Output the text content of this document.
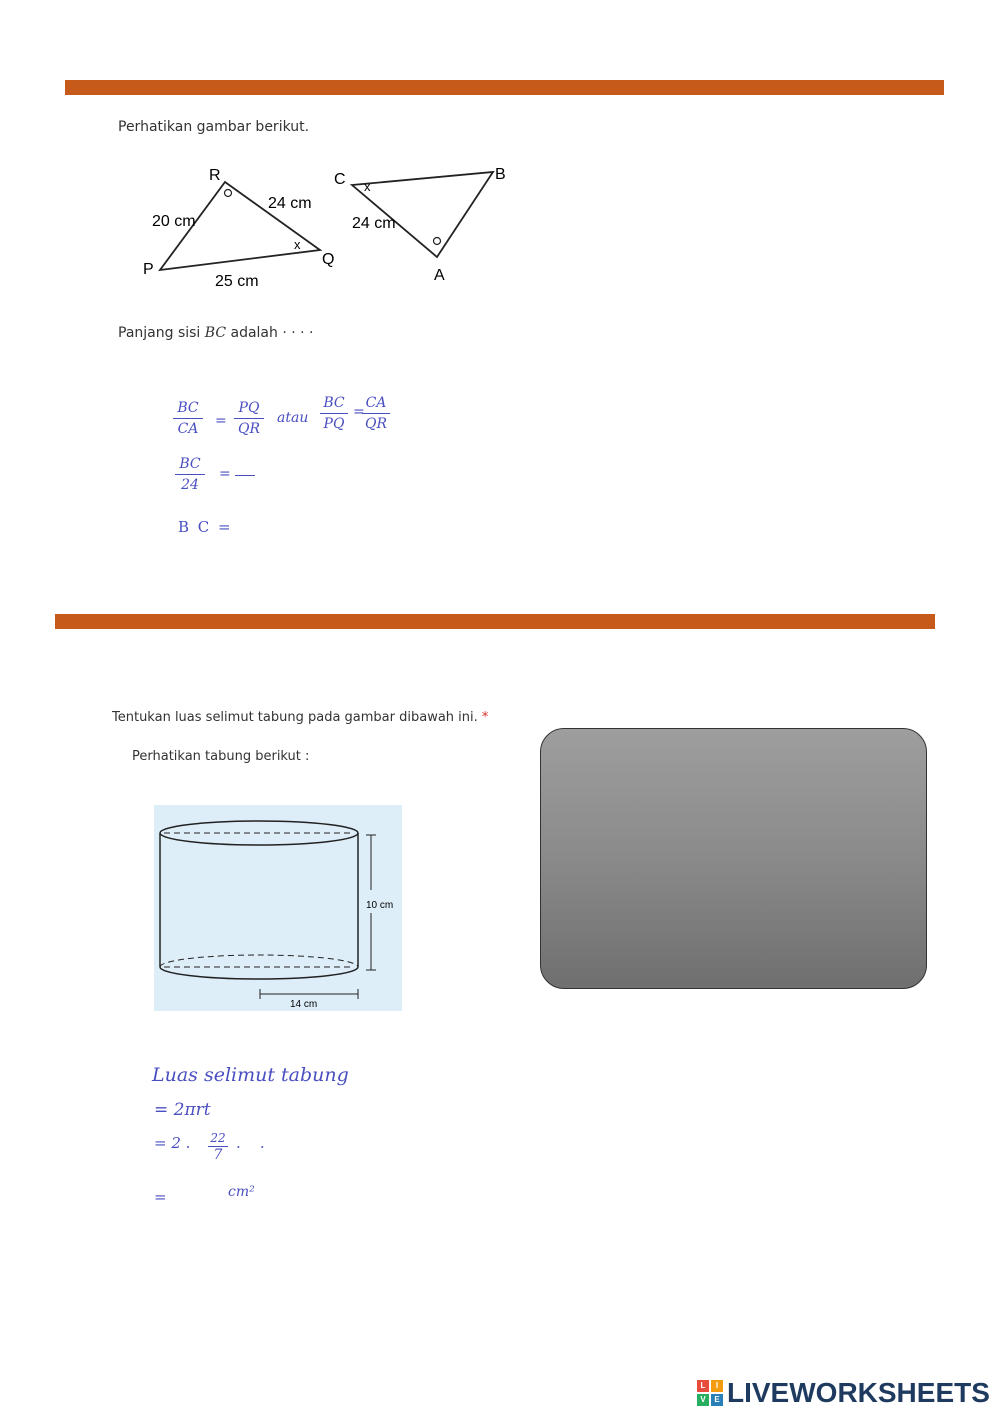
Perhatikan gambar berikut.
x
R
P
Q
20 cm
24 cm
25 cm
x
C	B
A
24 cm
Panjang sisi BC adalah · · · ·
BC
CA	=
PQ
QR
atau
BC
PQ
=
CA
QR
BC
24
=
B C =
Tentukan luas selimut tabung pada gambar dibawah ini. *
Perhatikan tabung berikut :
10 cm
14 cm
Luas selimut tabung
= 2πrt
= 2 . 22
7
.    .
=	cm²
L	I
V	E LIVEWORKSHEETS
